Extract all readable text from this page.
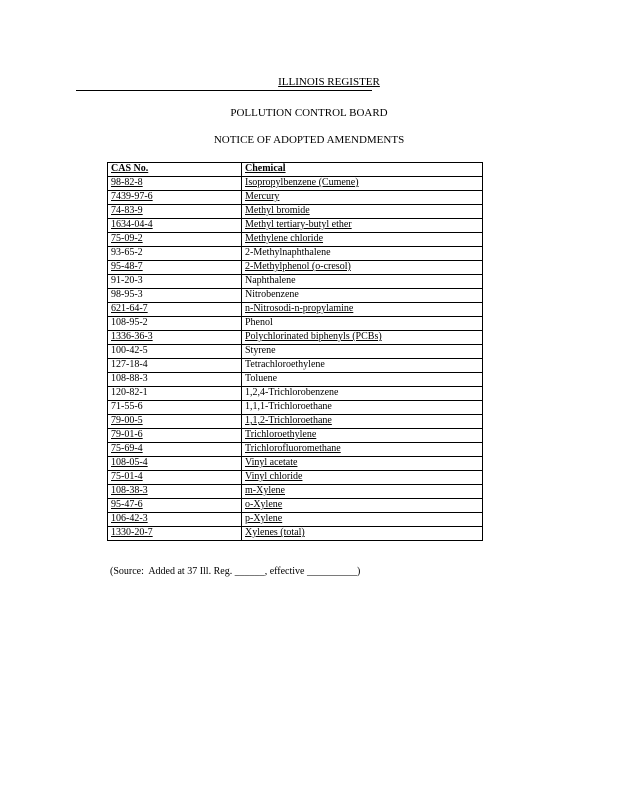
ILLINOIS REGISTER
POLLUTION CONTROL BOARD
NOTICE OF ADOPTED AMENDMENTS
CAS No.	Chemical
98-82-8	Isopropylbenzene (Cumene)
7439-97-6	Mercury
74-83-9	Methyl bromide
1634-04-4	Methyl tertiary-butyl ether
75-09-2	Methylene chloride
93-65-2	2-Methylnaphthalene
95-48-7	2-Methylphenol (o-cresol)
91-20-3	Naphthalene
98-95-3	Nitrobenzene
621-64-7	n-Nitrosodi-n-propylamine
108-95-2	Phenol
1336-36-3	Polychlorinated biphenyls (PCBs)
100-42-5	Styrene
127-18-4	Tetrachloroethylene
108-88-3	Toluene
120-82-1	1,2,4-Trichlorobenzene
71-55-6	1,1,1-Trichloroethane
79-00-5	1,1,2-Trichloroethane
79-01-6	Trichloroethylene
75-69-4	Trichlorofluoromethane
108-05-4	Vinyl acetate
75-01-4	Vinyl chloride
108-38-3	m-Xylene
95-47-6	o-Xylene
106-42-3	p-Xylene
1330-20-7	Xylenes (total)
(Source:  Added at 37 Ill. Reg. ______, effective __________)
